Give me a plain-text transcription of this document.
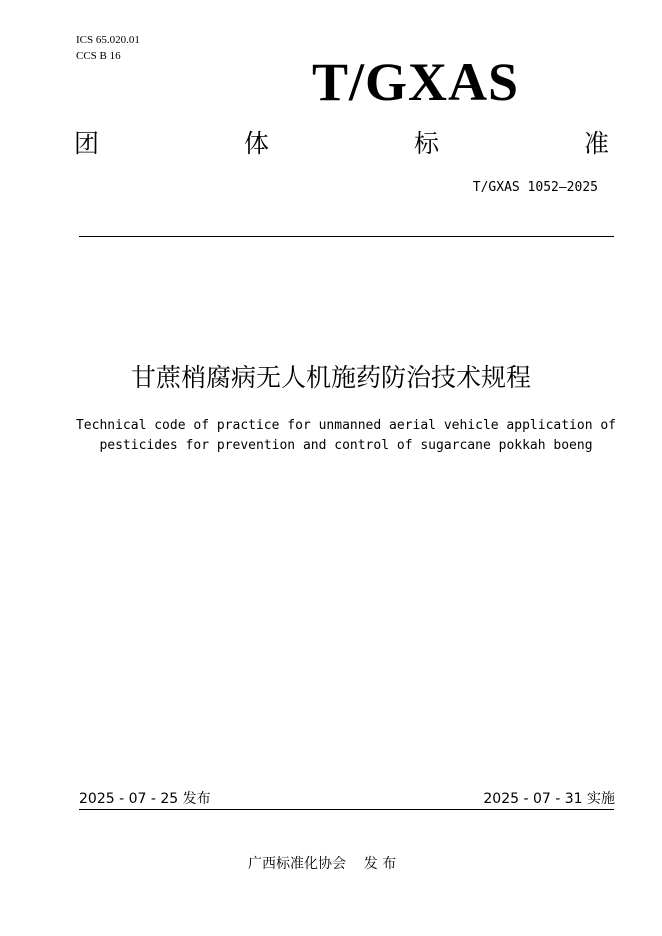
ICS 65.020.01
CCS B 16	T/GXAS
团	体	标	准
T/GXAS 1052—2025
甘蔗梢腐病无人机施药防治技术规程
Technical code of practice for unmanned aerial vehicle application of
pesticides for prevention and control of sugarcane pokkah boeng
2025 - 07 - 25 发布	2025 - 07 - 31 实施
广西标准化协会    发 布
